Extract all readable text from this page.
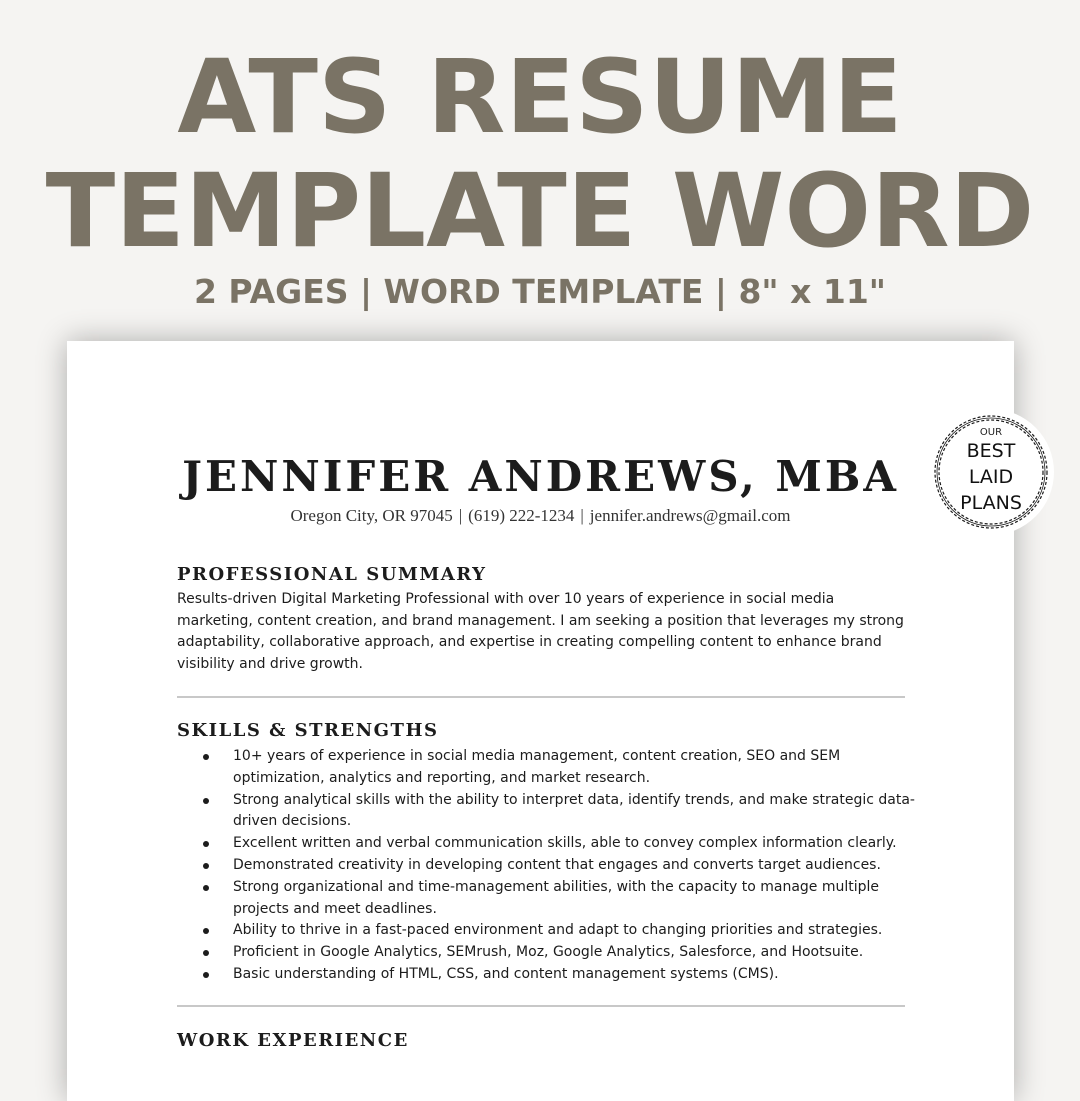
ATS RESUME
TEMPLATE WORD
2 PAGES | WORD TEMPLATE | 8" x 11"
JENNIFER ANDREWS, MBA
Oregon City, OR 97045 | (619) 222-1234 | jennifer.andrews@gmail.com
PROFESSIONAL SUMMARY
Results-driven Digital Marketing Professional with over 10 years of experience in social media marketing, content creation, and brand management. I am seeking a position that leverages my strong adaptability, collaborative approach, and expertise in creating compelling content to enhance brand visibility and drive growth.
SKILLS & STRENGTHS
10+ years of experience in social media management, content creation, SEO and SEM optimization, analytics and reporting, and market research.
Strong analytical skills with the ability to interpret data, identify trends, and make strategic data-driven decisions.
Excellent written and verbal communication skills, able to convey complex information clearly.
Demonstrated creativity in developing content that engages and converts target audiences.
Strong organizational and time-management abilities, with the capacity to manage multiple projects and meet deadlines.
Ability to thrive in a fast-paced environment and adapt to changing priorities and strategies.
Proficient in Google Analytics, SEMrush, Moz, Google Analytics, Salesforce, and Hootsuite.
Basic understanding of HTML, CSS, and content management systems (CMS).
WORK EXPERIENCE
OUR
BEST
LAID
PLANS
